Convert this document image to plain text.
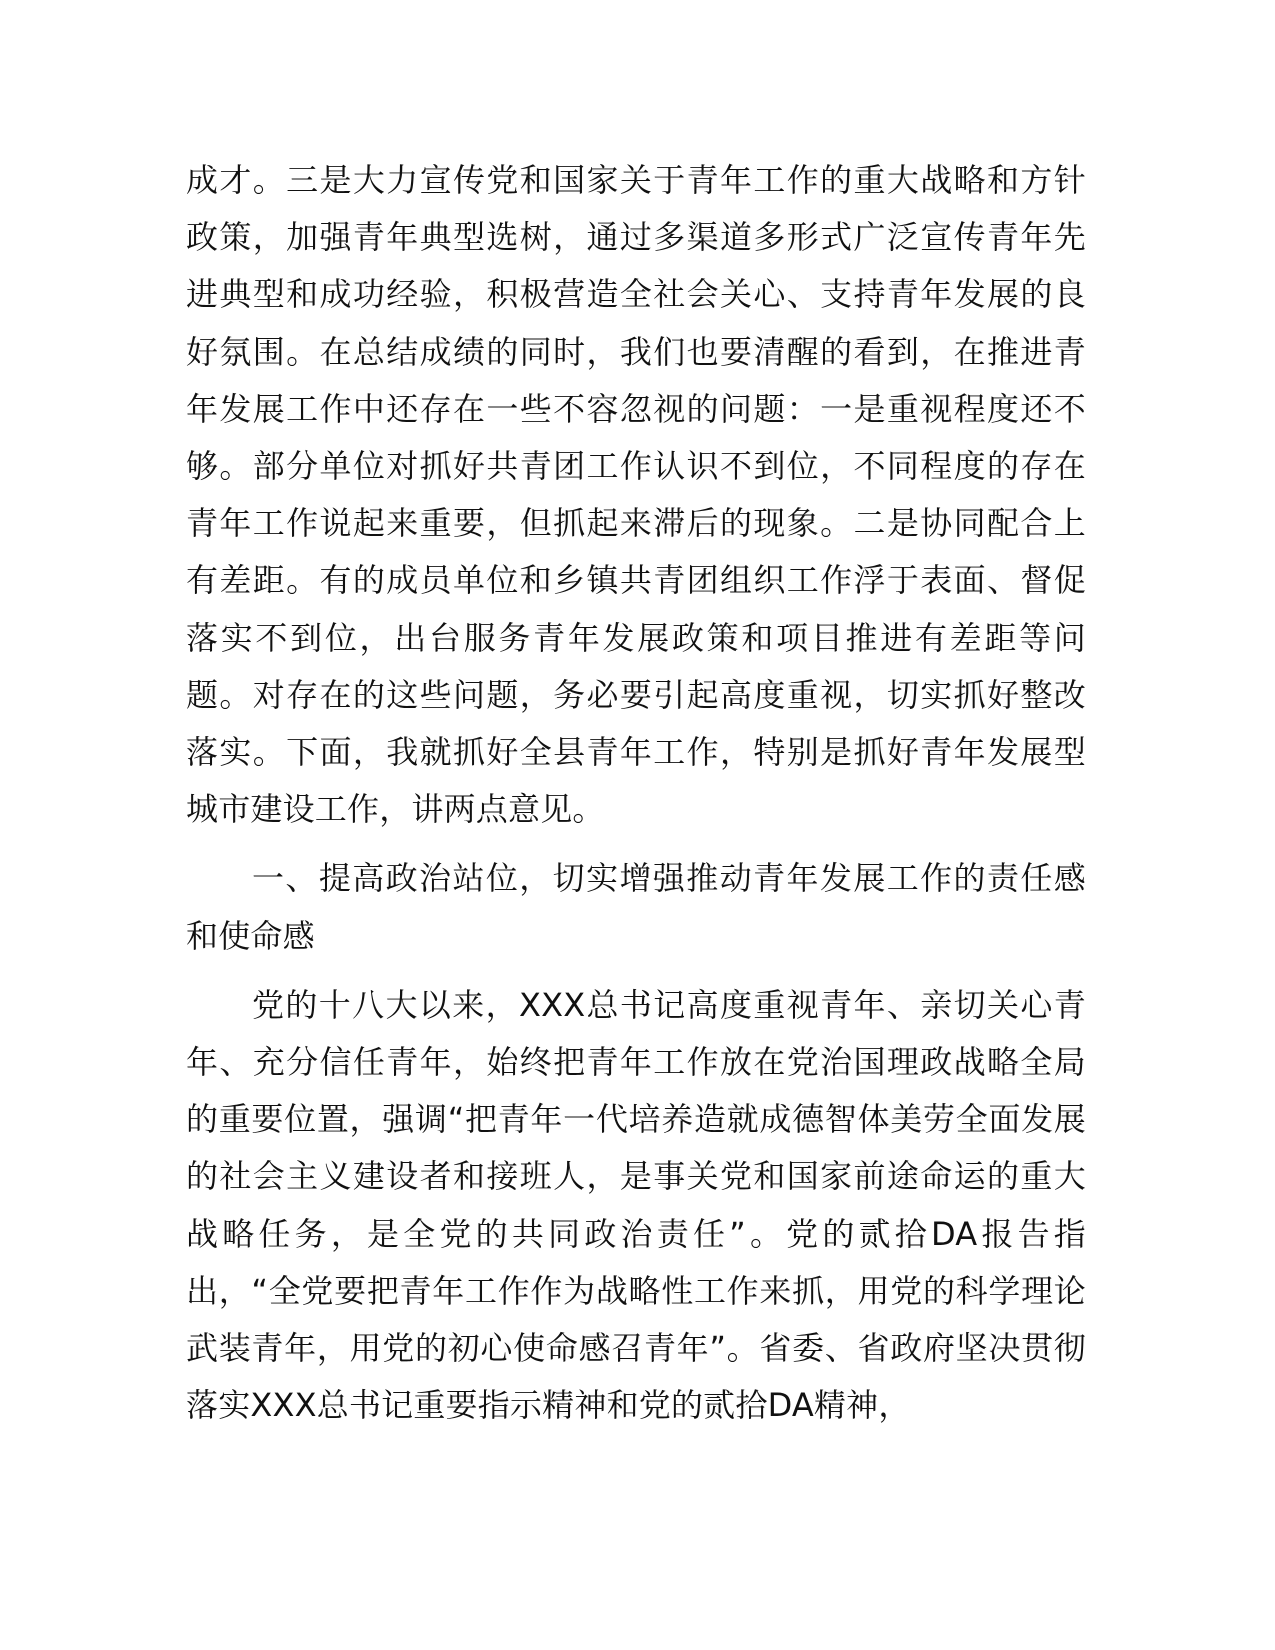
成才。三是大力宣传党和国家关于青年工作的重大战略和方针政策，加强青年典型选树，通过多渠道多形式广泛宣传青年先进典型和成功经验，积极营造全社会关心、支持青年发展的良好氛围。在总结成绩的同时，我们也要清醒的看到，在推进青年发展工作中还存在一些不容忽视的问题：一是重视程度还不够。部分单位对抓好共青团工作认识不到位，不同程度的存在青年工作说起来重要，但抓起来滞后的现象。二是协同配合上有差距。有的成员单位和乡镇共青团组织工作浮于表面、督促落实不到位，出台服务青年发展政策和项目推进有差距等问题。对存在的这些问题，务必要引起高度重视，切实抓好整改落实。下面，我就抓好全县青年工作，特别是抓好青年发展型城市建设工作，讲两点意见。

一、提高政治站位，切实增强推动青年发展工作的责任感和使命感

党的十八大以来，XXX总书记高度重视青年、亲切关心青年、充分信任青年，始终把青年工作放在党治国理政战略全局的重要位置，强调“把青年一代培养造就成德智体美劳全面发展的社会主义建设者和接班人，是事关党和国家前途命运的重大战略任务，是全党的共同政治责任”。党的贰拾DA报告指出，“全党要把青年工作作为战略性工作来抓，用党的科学理论武装青年，用党的初心使命感召青年”。省委、省政府坚决贯彻落实XXX总书记重要指示精神和党的贰拾DA精神，
